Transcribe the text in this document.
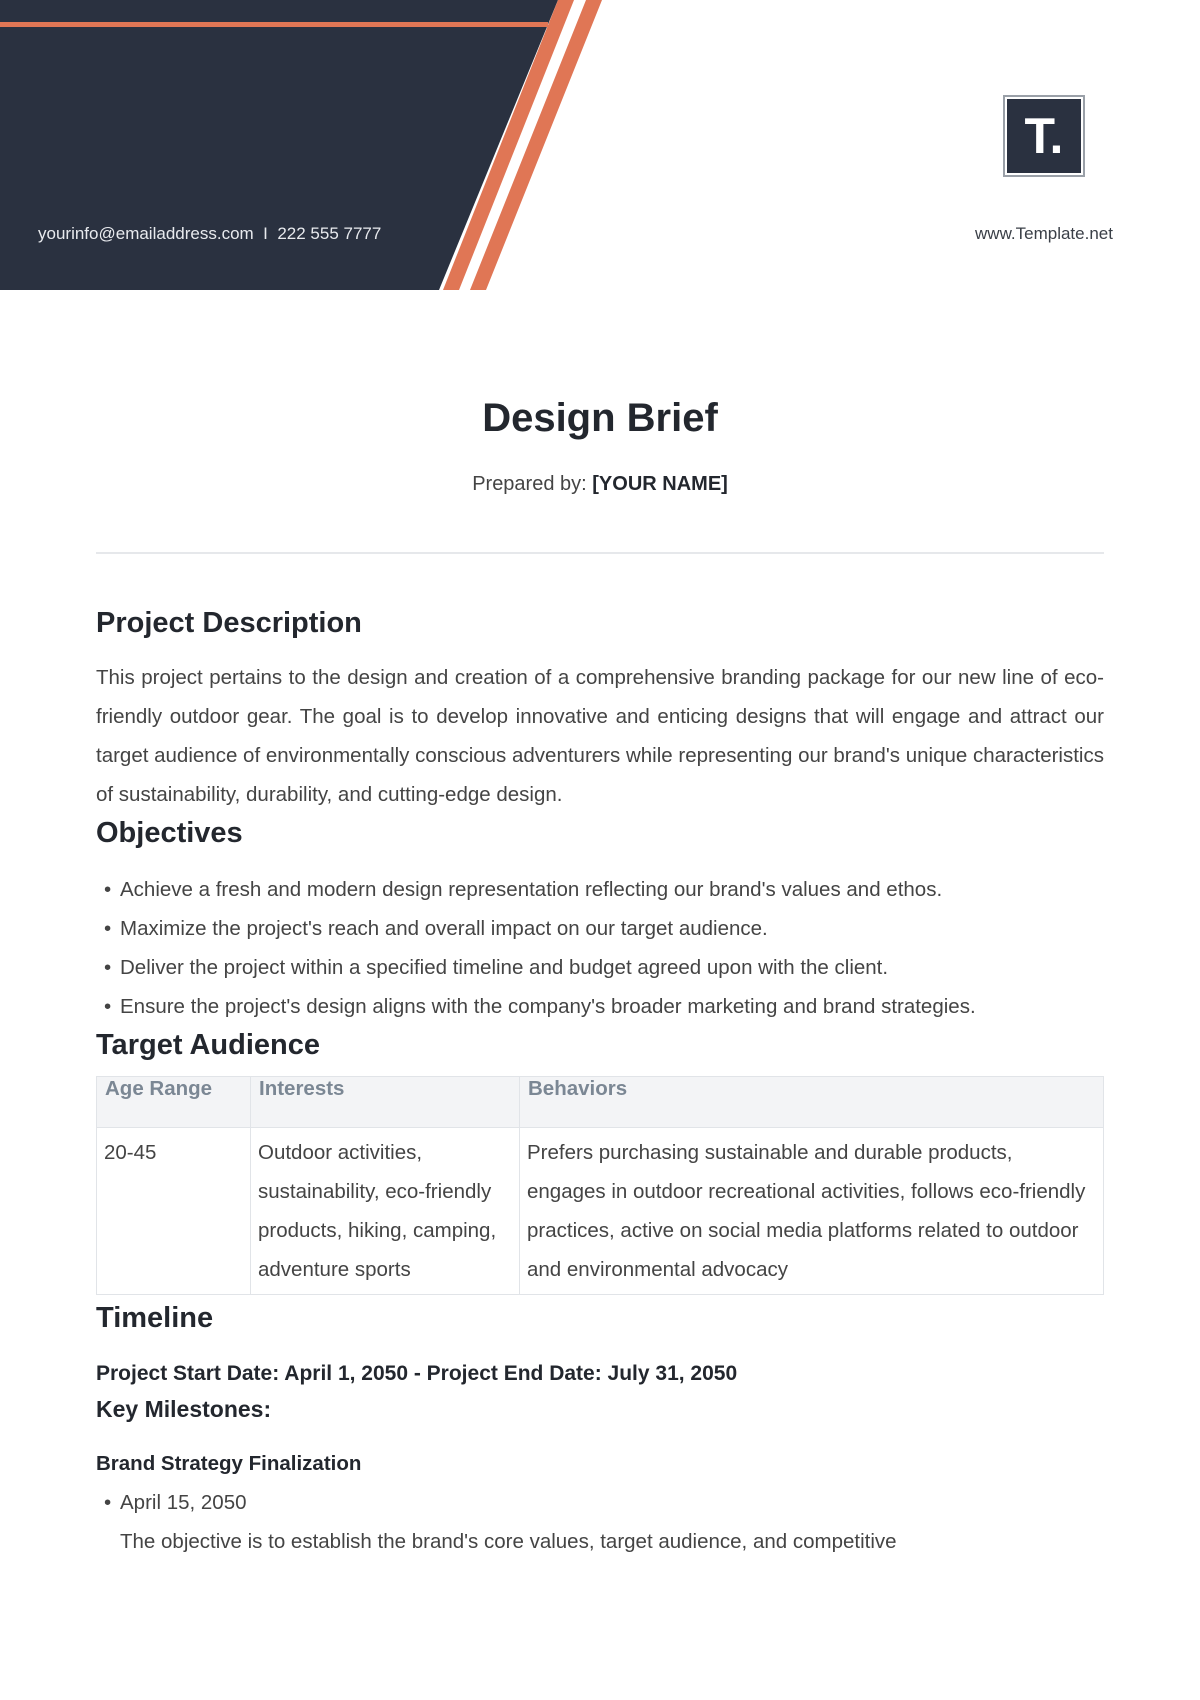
yourinfo@emailaddress.com I 222 555 7777
T.
www.Template.net
Design Brief
Prepared by: [YOUR NAME]
Project Description

This project pertains to the design and creation of a comprehensive branding package for our new line of eco-friendly outdoor gear. The goal is to develop innovative and enticing designs that will engage and attract our target audience of environmentally conscious adventurers while representing our brand's unique characteristics of sustainability, durability, and cutting-edge design.

Objectives
• Achieve a fresh and modern design representation reflecting our brand's values and ethos.
• Maximize the project's reach and overall impact on our target audience.
• Deliver the project within a specified timeline and budget agreed upon with the client.
• Ensure the project's design aligns with the company's broader marketing and brand strategies.
Target Audience
Age Range	Interests	Behaviors
20-45	Outdoor activities, sustainability, eco-friendly products, hiking, camping, adventure sports	Prefers purchasing sustainable and durable products, engages in outdoor recreational activities, follows eco-friendly practices, active on social media platforms related to outdoor and environmental advocacy
Timeline
Project Start Date: April 1, 2050 - Project End Date: July 31, 2050
Key Milestones:
Brand Strategy Finalization
• April 15, 2050
The objective is to establish the brand's core values, target audience, and competitive
